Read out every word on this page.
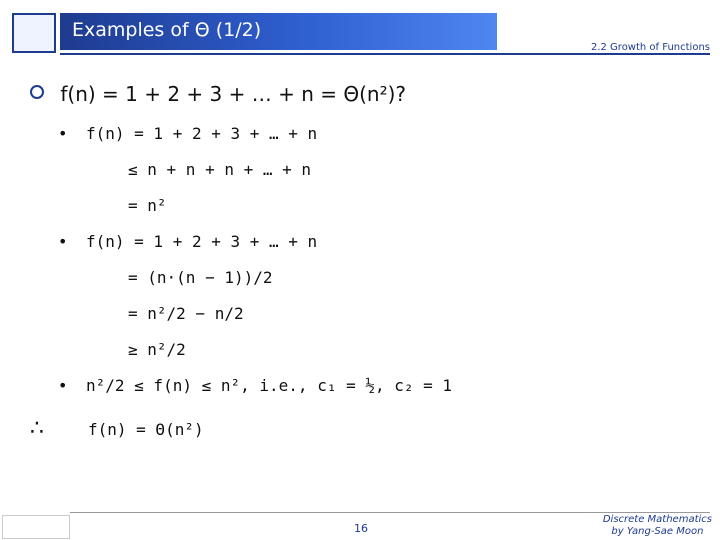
Examples of Θ (1/2)
2.2 Growth of Functions
f(n) = 1 + 2 + 3 + … + n = Θ(n²)?
• f(n) = 1 + 2 + 3 + … + n
≤ n + n + n + … + n
= n²
• f(n) = 1 + 2 + 3 + … + n
= (n·(n − 1))/2
= n²/2 − n/2
≥ n²/2
• n²/2 ≤ f(n) ≤ n², i.e., c₁ = ½, c₂ = 1
∴	f(n) = Θ(n²)
16
Discrete Mathematics
by Yang-Sae Moon
